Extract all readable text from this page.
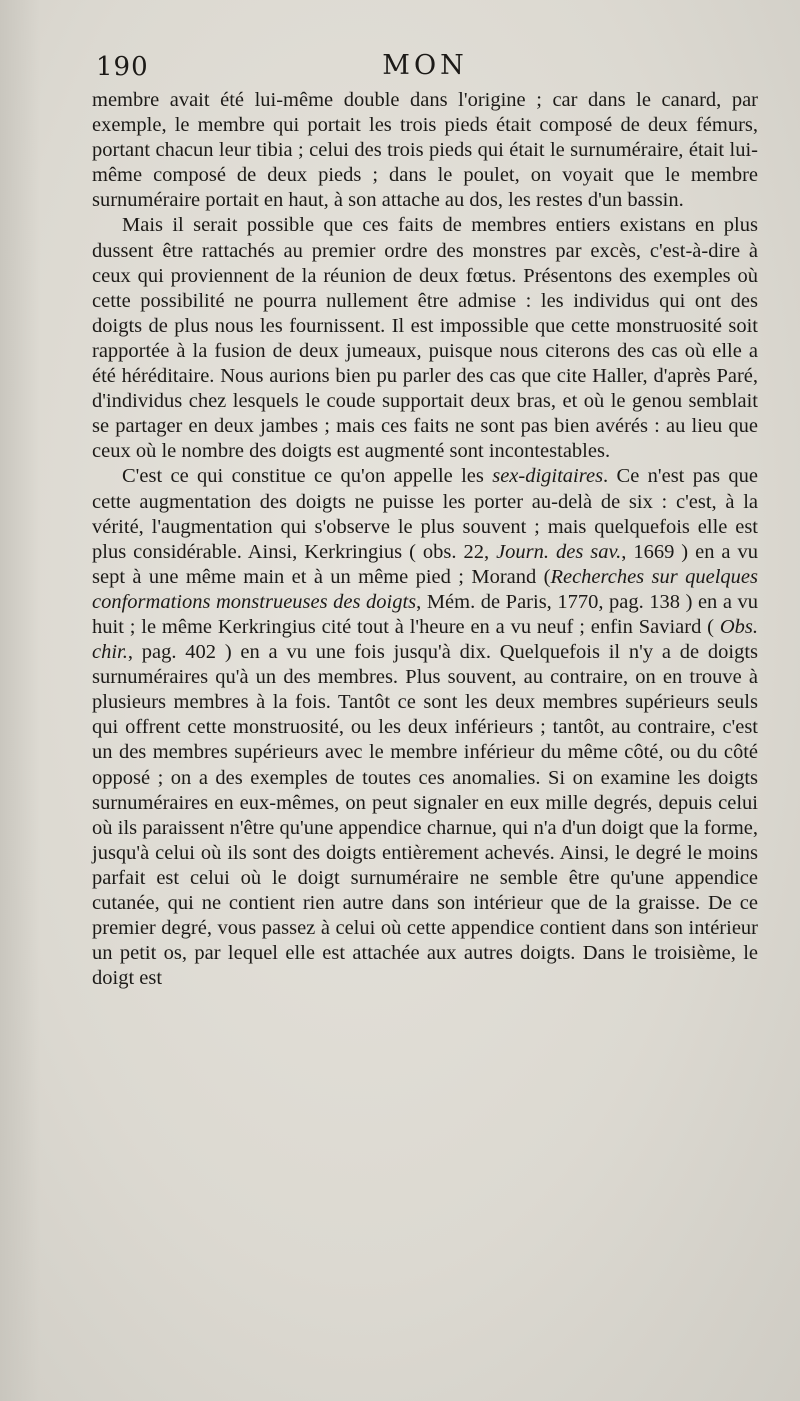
190	MON

membre avait été lui-même double dans l'origine ; car dans le canard, par exemple, le membre qui portait les trois pieds était composé de deux fémurs, portant chacun leur tibia ; celui des trois pieds qui était le surnuméraire, était lui-même composé de deux pieds ; dans le poulet, on voyait que le membre surnuméraire portait en haut, à son attache au dos, les restes d'un bassin.

Mais il serait possible que ces faits de membres entiers existans en plus dussent être rattachés au premier ordre des monstres par excès, c'est-à-dire à ceux qui proviennent de la réunion de deux fœtus. Présentons des exemples où cette possibilité ne pourra nullement être admise : les individus qui ont des doigts de plus nous les fournissent. Il est impossible que cette monstruosité soit rapportée à la fusion de deux jumeaux, puisque nous citerons des cas où elle a été héréditaire. Nous aurions bien pu parler des cas que cite Haller, d'après Paré, d'individus chez lesquels le coude supportait deux bras, et où le genou semblait se partager en deux jambes ; mais ces faits ne sont pas bien avérés : au lieu que ceux où le nombre des doigts est augmenté sont incontestables.

C'est ce qui constitue ce qu'on appelle les sex-digitaires. Ce n'est pas que cette augmentation des doigts ne puisse les porter au-delà de six : c'est, à la vérité, l'augmentation qui s'observe le plus souvent ; mais quelquefois elle est plus considérable. Ainsi, Kerkringius ( obs. 22, Journ. des sav., 1669 ) en a vu sept à une même main et à un même pied ; Morand (Recherches sur quelques conformations monstrueuses des doigts, Mém. de Paris, 1770, pag. 138 ) en a vu huit ; le même Kerkringius cité tout à l'heure en a vu neuf ; enfin Saviard ( Obs. chir., pag. 402 ) en a vu une fois jusqu'à dix. Quelquefois il n'y a de doigts surnuméraires qu'à un des membres. Plus souvent, au contraire, on en trouve à plusieurs membres à la fois. Tantôt ce sont les deux membres supérieurs seuls qui offrent cette monstruosité, ou les deux inférieurs ; tantôt, au contraire, c'est un des membres supérieurs avec le membre inférieur du même côté, ou du côté opposé ; on a des exemples de toutes ces anomalies. Si on examine les doigts surnuméraires en eux-mêmes, on peut signaler en eux mille degrés, depuis celui où ils paraissent n'être qu'une appendice charnue, qui n'a d'un doigt que la forme, jusqu'à celui où ils sont des doigts entièrement achevés. Ainsi, le degré le moins parfait est celui où le doigt surnuméraire ne semble être qu'une appendice cutanée, qui ne contient rien autre dans son intérieur que de la graisse. De ce premier degré, vous passez à celui où cette appendice contient dans son intérieur un petit os, par lequel elle est attachée aux autres doigts. Dans le troisième, le doigt est
